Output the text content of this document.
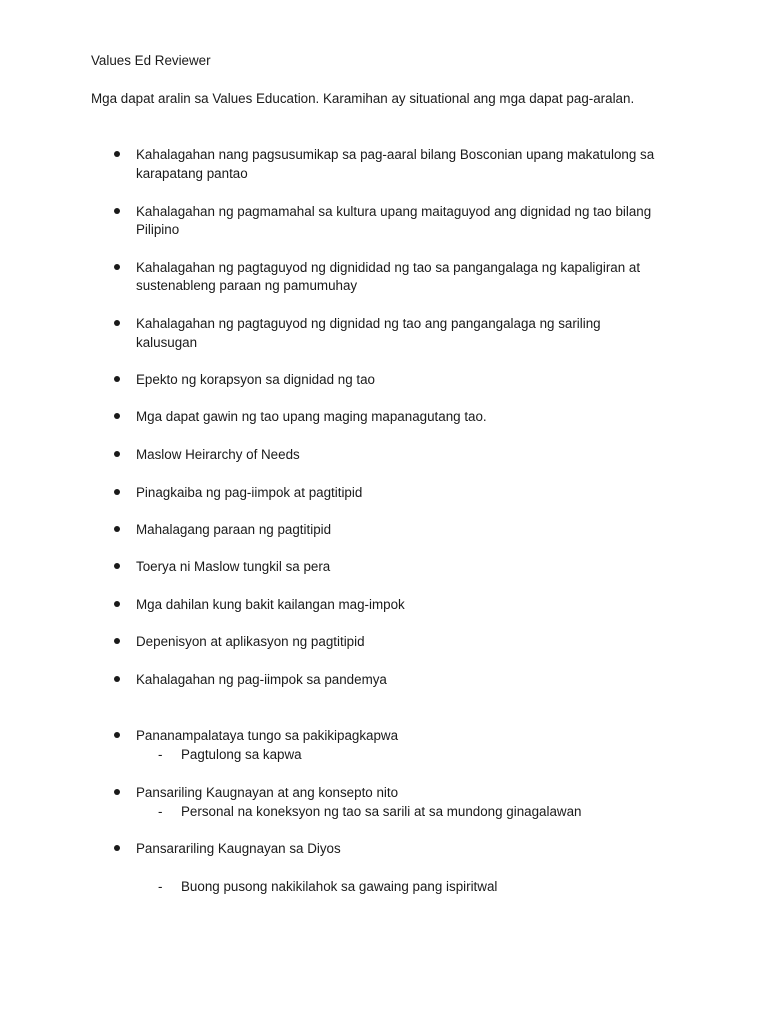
Values Ed Reviewer
Mga dapat aralin sa Values Education. Karamihan ay situational ang mga dapat pag-aralan.
Kahalagahan nang pagsusumikap sa pag-aaral bilang Bosconian upang makatulong sa
karapatang pantao
Kahalagahan ng pagmamahal sa kultura upang maitaguyod ang dignidad ng tao bilang
Pilipino
Kahalagahan ng pagtaguyod ng dignididad ng tao sa pangangalaga ng kapaligiran at
sustenableng paraan ng pamumuhay
Kahalagahan ng pagtaguyod ng dignidad ng tao ang pangangalaga ng sariling
kalusugan
Epekto ng korapsyon sa dignidad ng tao
Mga dapat gawin ng tao upang maging mapanagutang tao.
Maslow Heirarchy of Needs
Pinagkaiba ng pag-iimpok at pagtitipid
Mahalagang paraan ng pagtitipid
Toerya ni Maslow tungkil sa pera
Mga dahilan kung bakit kailangan mag-impok
Depenisyon at aplikasyon ng pagtitipid
Kahalagahan ng pag-iimpok sa pandemya
Pananampalataya tungo sa pakikipagkapwa
- Pagtulong sa kapwa
Pansariling Kaugnayan at ang konsepto nito
- Personal na koneksyon ng tao sa sarili at sa mundong ginagalawan
Pansarariling Kaugnayan sa Diyos
- Buong pusong nakikilahok sa gawaing pang ispiritwal
